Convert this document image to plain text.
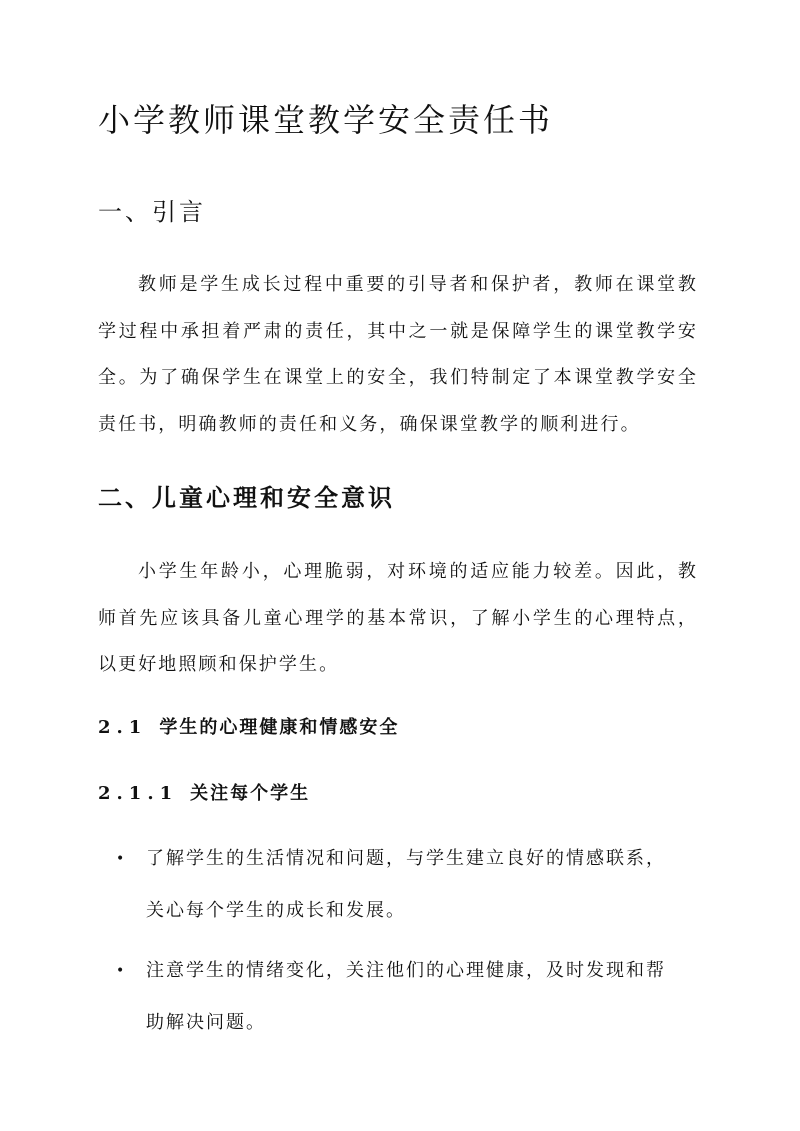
小学教师课堂教学安全责任书
一、引言

教师是学生成长过程中重要的引导者和保护者，教师在课堂教学过程中承担着严肃的责任，其中之一就是保障学生的课堂教学安全。为了确保学生在课堂上的安全，我们特制定了本课堂教学安全责任书，明确教师的责任和义务，确保课堂教学的顺利进行。

二、儿童心理和安全意识

小学生年龄小，心理脆弱，对环境的适应能力较差。因此，教师首先应该具备儿童心理学的基本常识，了解小学生的心理特点，以更好地照顾和保护学生。

2.1 学生的心理健康和情感安全
2.1.1 关注每个学生
• 了解学生的生活情况和问题，与学生建立良好的情感联系，关心每个学生的成长和发展。
• 注意学生的情绪变化，关注他们的心理健康，及时发现和帮助解决问题。
